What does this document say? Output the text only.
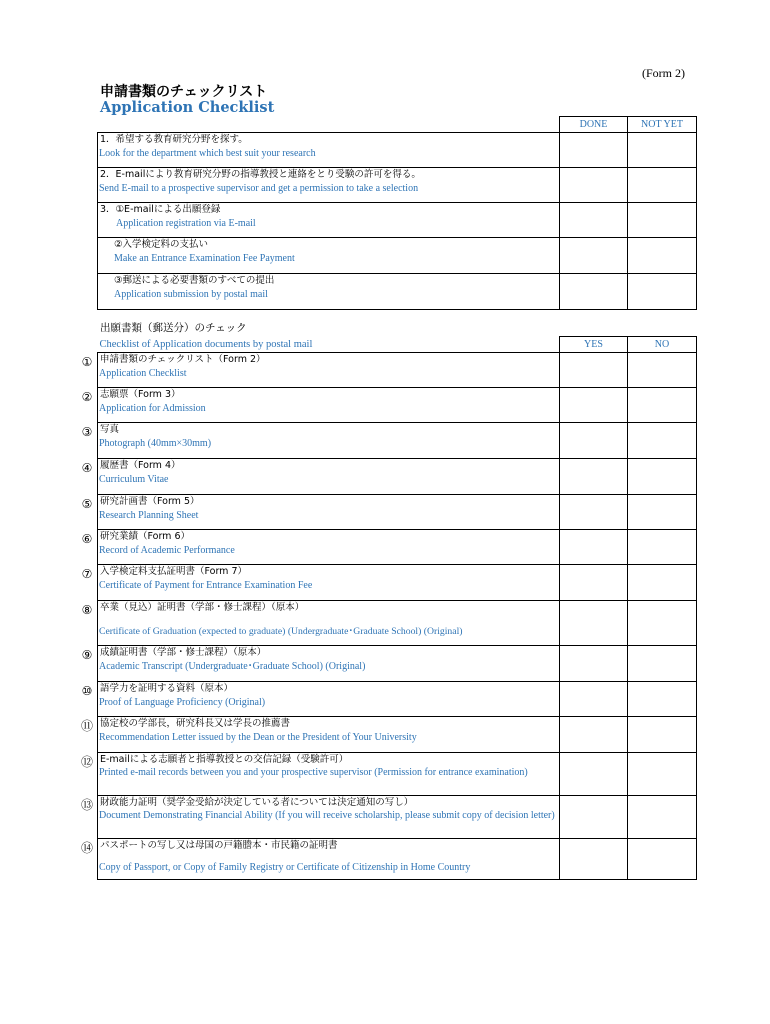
(Form 2)
申請書類のチェックリスト
Application Checklist
	DONE	NOT YET

1．希望する教育研究分野を探す。
Look for the department which best suit your research		

2．E-mailにより教育研究分野の指導教授と連絡をとり受験の許可を得る。
Send E-mail to a prospective supervisor and get a permission to take a selection		

3．①E-mailによる出願登録
Application registration via E-mail		

②入学検定料の支払い
Make an Entrance Examination Fee Payment		

③郵送による必要書類のすべての提出
Application submission by postal mail		

出願書類（郵送分）のチェック
Checklist of Application documents by postal mail	YES	NO

① 申請書類のチェックリスト（Form 2）
Application Checklist		

② 志願票（Form 3）
Application for Admission		

③ 写真
Photograph (40mm×30mm)		

④ 履歴書（Form 4）
Curriculum Vitae		

⑤ 研究計画書（Form 5）
Research Planning Sheet		

⑥ 研究業績（Form 6）
Record of Academic Performance		

⑦ 入学検定料支払証明書（Form 7）
Certificate of Payment for Entrance Examination Fee		

⑧ 卒業（見込）証明書（学部・修士課程）（原本）
Certificate of Graduation (expected to graduate) (Undergraduate･Graduate School) (Original)		

⑨ 成績証明書（学部・修士課程）（原本）
Academic Transcript (Undergraduate･Graduate School) (Original)		

⑩ 語学力を証明する資料（原本）
Proof of Language Proficiency (Original)		

⑪ 協定校の学部長，研究科長又は学長の推薦書
Recommendation Letter issued by the Dean or the President of Your University		

⑫ E-mailによる志願者と指導教授との交信記録（受験許可）
Printed e-mail records between you and your prospective supervisor (Permission for entrance examination)		

⑬ 財政能力証明（奨学金受給が決定している者については決定通知の写し）
Document Demonstrating Financial Ability (If you will receive scholarship, please submit copy of decision letter)		

⑭ パスポートの写し又は母国の戸籍謄本・市民籍の証明書
Copy of Passport, or Copy of Family Registry or Certificate of Citizenship in Home Country		
